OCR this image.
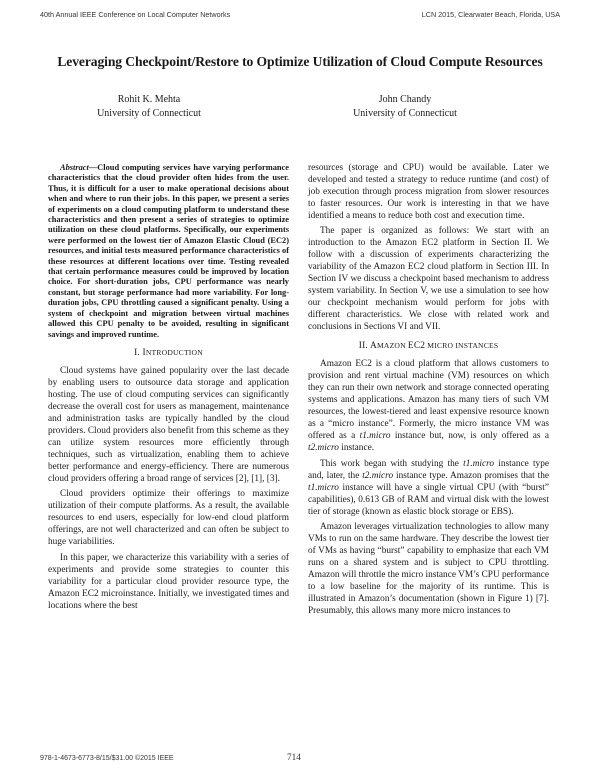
40th Annual IEEE Conference on Local Computer Networks	LCN 2015, Clearwater Beach, Florida, USA
Leveraging Checkpoint/Restore to Optimize Utilization of Cloud Compute Resources
Rohit K. Mehta
University of Connecticut
John Chandy
University of Connecticut

Abstract—Cloud computing services have varying performance characteristics that the cloud provider often hides from the user. Thus, it is difficult for a user to make operational decisions about when and where to run their jobs. In this paper, we present a series of experiments on a cloud computing platform to understand these characteristics and then present a series of strategies to optimize utilization on these cloud platforms. Specifically, our experiments were performed on the lowest tier of Amazon Elastic Cloud (EC2) resources, and initial tests measured performance characteristics of these resources at different locations over time. Testing revealed that certain performance measures could be improved by location choice. For short-duration jobs, CPU performance was nearly constant, but storage performance had more variability. For long-duration jobs, CPU throttling caused a significant penalty. Using a system of checkpoint and migration between virtual machines allowed this CPU penalty to be avoided, resulting in significant savings and improved runtime.

I. INTRODUCTION

Cloud systems have gained popularity over the last decade by enabling users to outsource data storage and application hosting. The use of cloud computing services can significantly decrease the overall cost for users as management, maintenance and administration tasks are typically handled by the cloud providers. Cloud providers also benefit from this scheme as they can utilize system resources more efficiently through techniques, such as virtualization, enabling them to achieve better performance and energy-efficiency. There are numerous cloud providers offering a broad range of services [2], [1], [3].

Cloud providers optimize their offerings to maximize utilization of their compute platforms. As a result, the available resources to end users, especially for low-end cloud platform offerings, are not well characterized and can often be subject to huge variabilities.

In this paper, we characterize this variability with a series of experiments and provide some strategies to counter this variability for a particular cloud provider resource type, the Amazon EC2 microinstance. Initially, we investigated times and locations where the best

resources (storage and CPU) would be available. Later we developed and tested a strategy to reduce runtime (and cost) of job execution through process migration from slower resources to faster resources. Our work is interesting in that we have identified a means to reduce both cost and execution time.

The paper is organized as follows: We start with an introduction to the Amazon EC2 platform in Section II. We follow with a discussion of experiments characterizing the variability of the Amazon EC2 cloud platform in Section III. In Section IV we discuss a checkpoint based mechanism to address system variability. In Section V, we use a simulation to see how our checkpoint mechanism would perform for jobs with different characteristics. We close with related work and conclusions in Sections VI and VII.

II. AMAZON EC2 MICRO INSTANCES

Amazon EC2 is a cloud platform that allows customers to provision and rent virtual machine (VM) resources on which they can run their own network and storage connected operating systems and applications. Amazon has many tiers of such VM resources, the lowest-tiered and least expensive resource known as a “micro instance”. Formerly, the micro instance VM was offered as a t1.micro instance but, now, is only offered as a t2.micro instance.

This work began with studying the t1.micro instance type and, later, the t2.micro instance type. Amazon promises that the t1.micro instance will have a single virtual CPU (with “burst” capabilities), 0.613 GB of RAM and virtual disk with the lowest tier of storage (known as elastic block storage or EBS).

Amazon leverages virtualization technologies to allow many VMs to run on the same hardware. They describe the lowest tier of VMs as having “burst” capability to emphasize that each VM runs on a shared system and is subject to CPU throttling. Amazon will throttle the micro instance VM’s CPU performance to a low baseline for the majority of its runtime. This is illustrated in Amazon’s documentation (shown in Figure 1) [7]. Presumably, this allows many more micro instances to

978-1-4673-6773-8/15/$31.00 ©2015 IEEE	714
